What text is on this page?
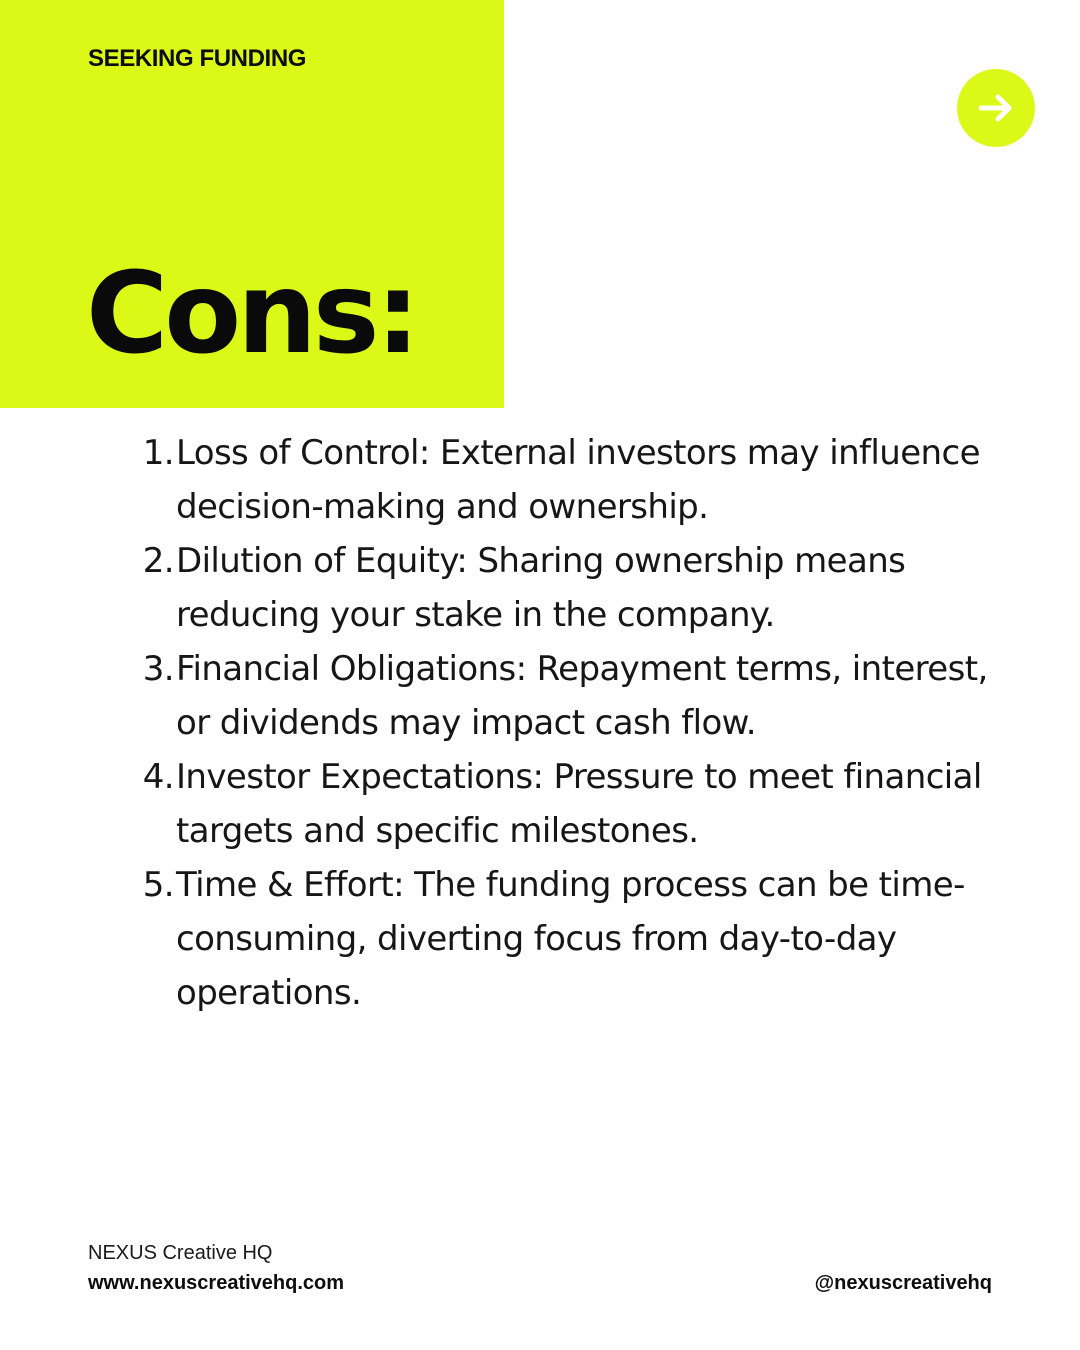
SEEKING FUNDING
Cons:
1. Loss of Control: External investors may influence decision-making and ownership.
2. Dilution of Equity: Sharing ownership means reducing your stake in the company.
3. Financial Obligations: Repayment terms, interest, or dividends may impact cash flow.
4. Investor Expectations: Pressure to meet financial targets and specific milestones.
5. Time & Effort: The funding process can be time-consuming, diverting focus from day-to-day operations.
NEXUS Creative HQ
www.nexuscreativehq.com	@nexuscreativehq
